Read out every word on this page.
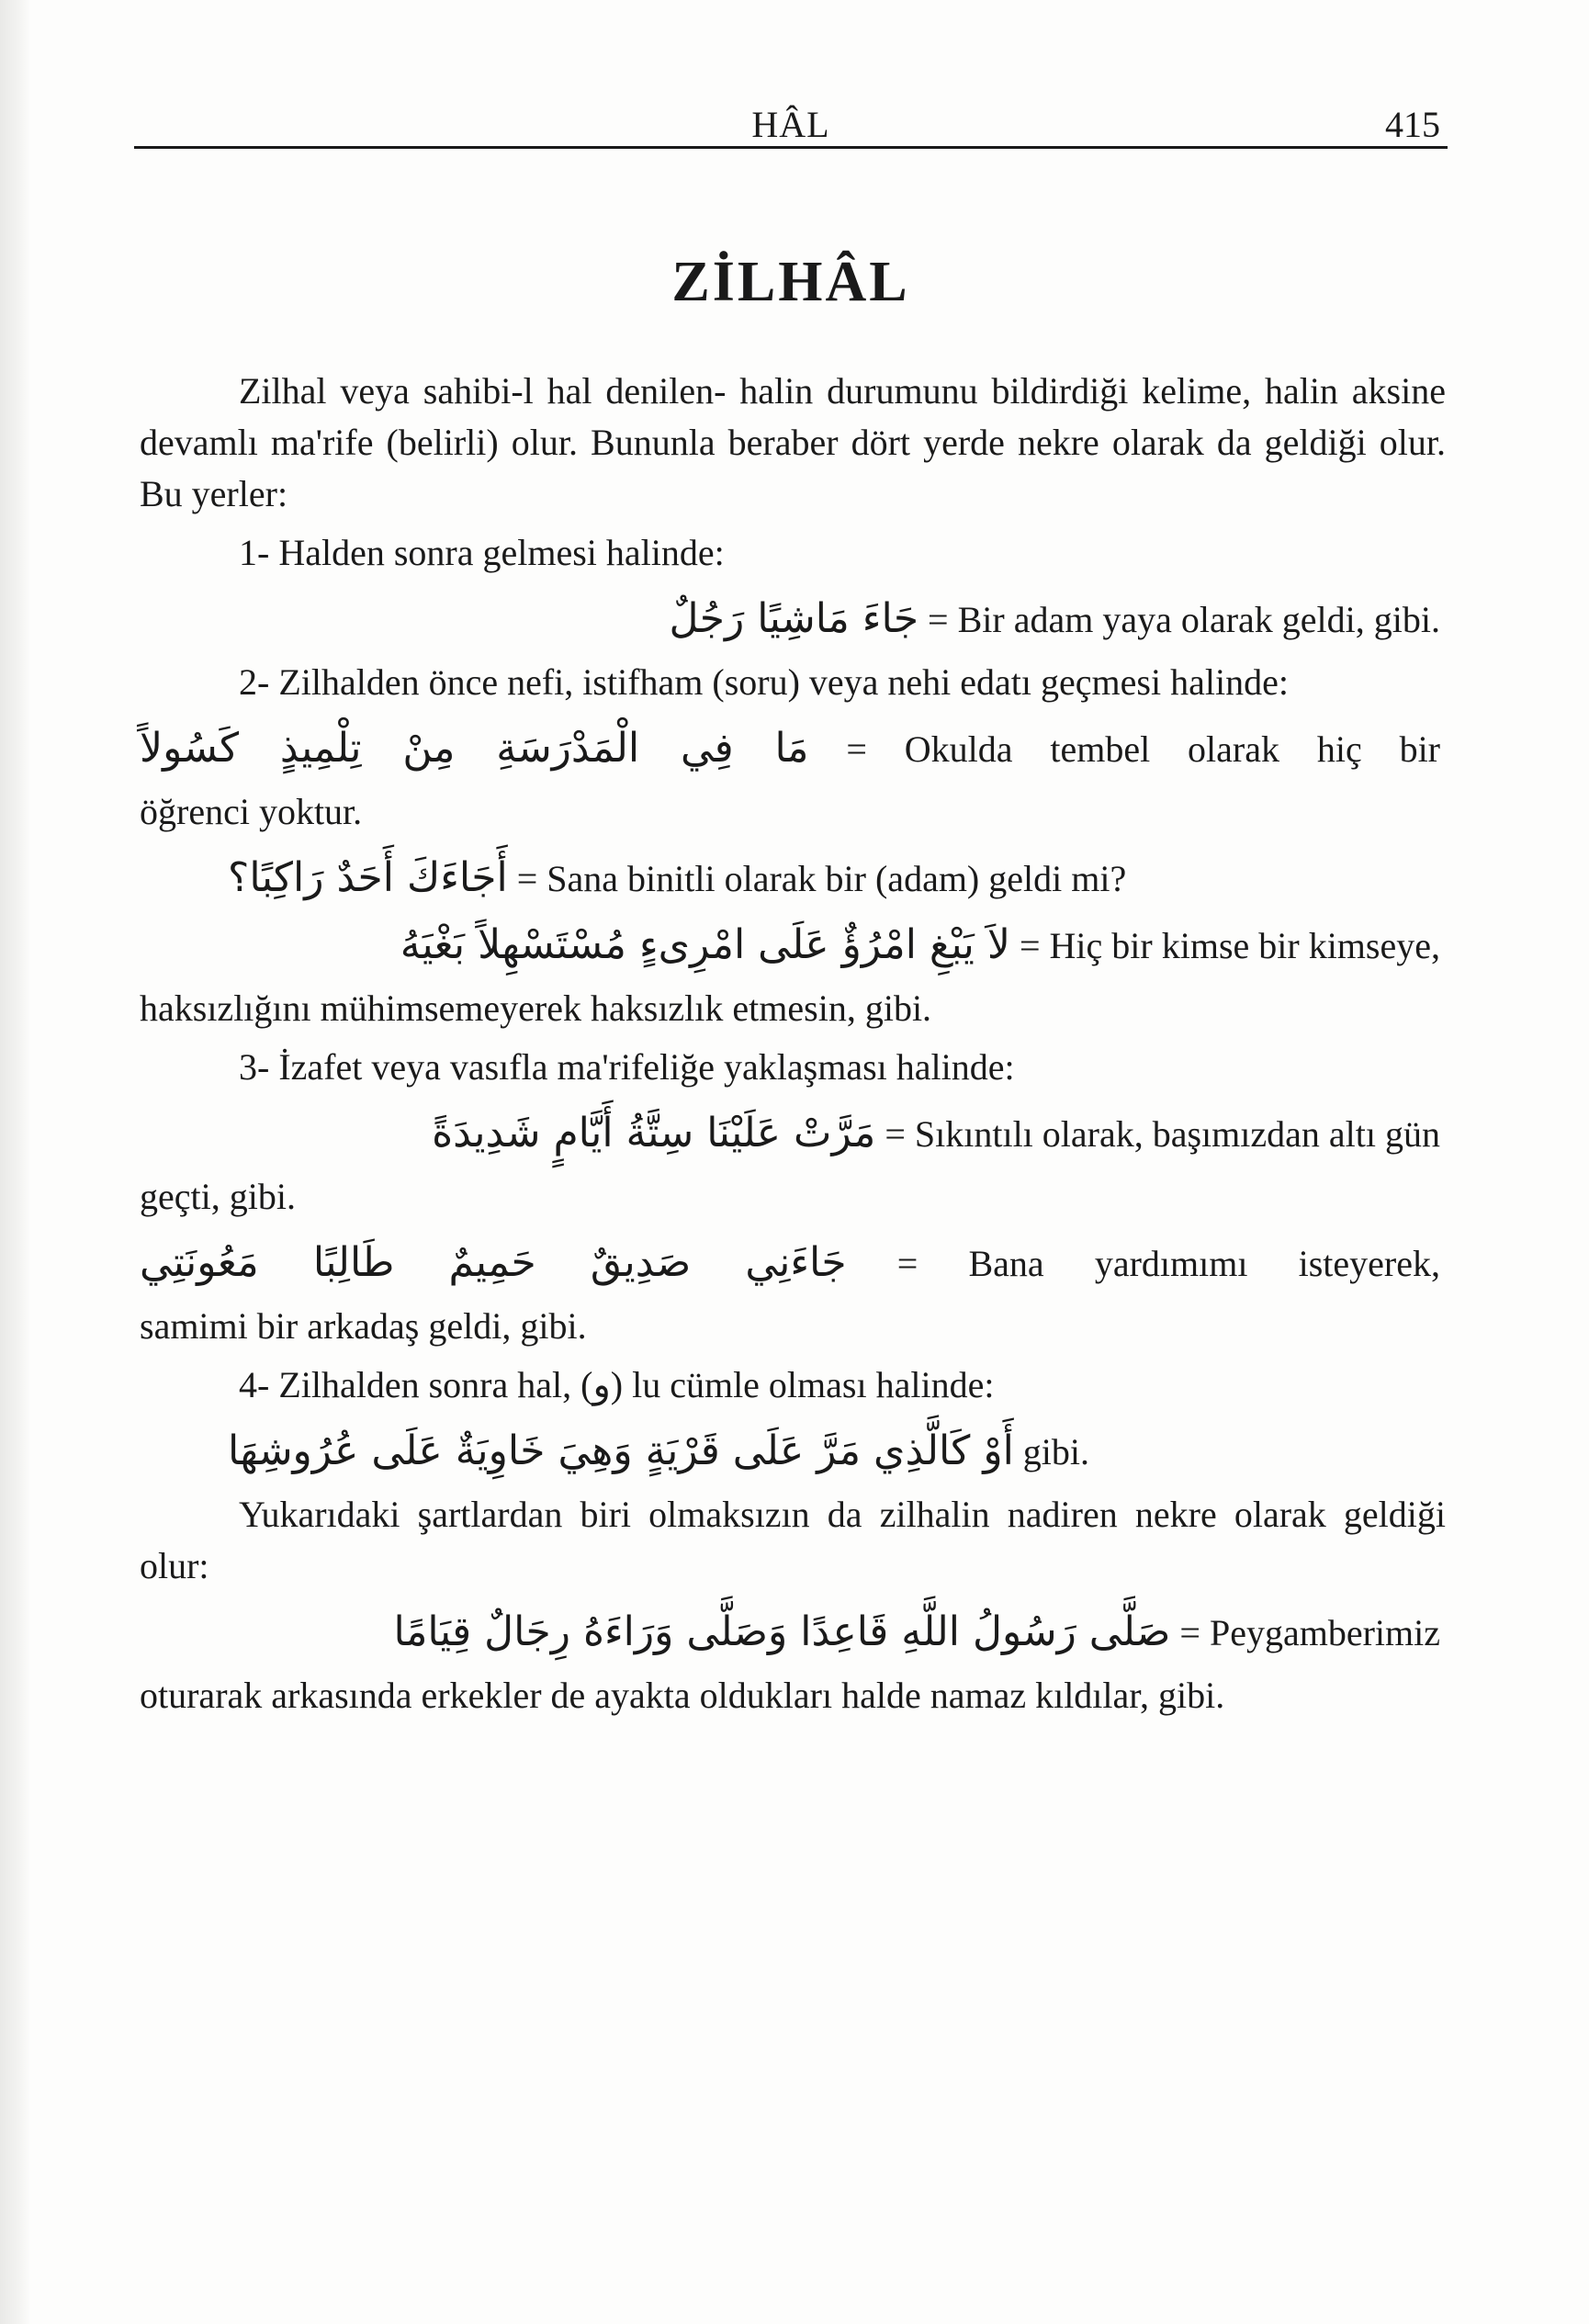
HÂL	415
ZİLHÂL

Zilhal veya sahibi-l hal denilen- halin durumunu bildirdiği kelime, halin aksine devamlı ma'rife (belirli) olur. Bununla beraber dört yerde nekre olarak da geldiği olur. Bu yerler:

1- Halden sonra gelmesi halinde:

جَاءَ مَاشِيًا رَجُلٌ = Bir adam yaya olarak geldi, gibi.

2- Zilhalden önce nefi, istifham (soru) veya nehi edatı geçmesi halinde:

مَا فِي الْمَدْرَسَةِ مِنْ تِلْمِيذٍ كَسُولاً = Okulda tembel olarak hiç bir

öğrenci yoktur.

أَجَاءَكَ أَحَدٌ رَاكِبًا؟ = Sana binitli olarak bir (adam) geldi mi?
لاَ يَبْغِ امْرُؤٌ عَلَى امْرِىءٍ مُسْتَسْهِلاً بَغْيَهُ = Hiç bir kimse bir kimseye,

haksızlığını mühimsemeyerek haksızlık etmesin, gibi.

3- İzafet veya vasıfla ma'rifeliğe yaklaşması halinde:

مَرَّتْ عَلَيْنَا سِتَّةُ أَيَّامٍ شَدِيدَةً = Sıkıntılı olarak, başımızdan altı gün

geçti, gibi.

جَاءَنِي صَدِيقٌ حَمِيمٌ طَالِبًا مَعُونَتِي = Bana yardımımı isteyerek,

samimi bir arkadaş geldi, gibi.

4- Zilhalden sonra hal, (و) lu cümle olması halinde:

أَوْ كَالَّذِي مَرَّ عَلَى قَرْيَةٍ وَهِيَ خَاوِيَةٌ عَلَى عُرُوشِهَا gibi.

Yukarıdaki şartlardan biri olmaksızın da zilhalin nadiren nekre olarak geldiği olur:

صَلَّى رَسُولُ اللَّهِ قَاعِدًا وَصَلَّى وَرَاءَهُ رِجَالٌ قِيَامًا = Peygamberimiz

oturarak arkasında erkekler de ayakta oldukları halde namaz kıldılar, gibi.
